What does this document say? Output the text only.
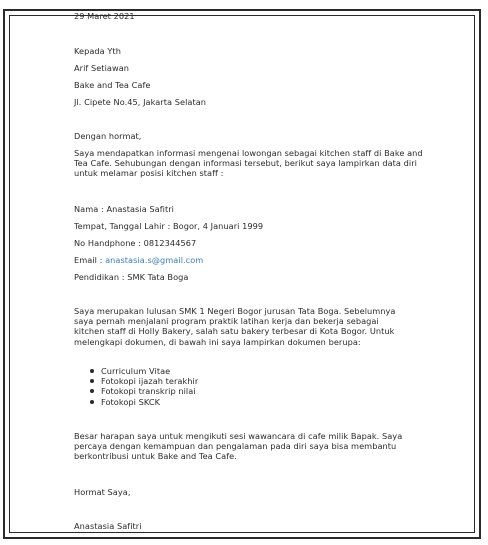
29 Maret 2021
Kepada Yth
Arif Setiawan
Bake and Tea Cafe
Jl. Cipete No.45, Jakarta Selatan
Dengan hormat,
Saya mendapatkan informasi mengenai lowongan sebagai kitchen staff di Bake and Tea Cafe. Sehubungan dengan informasi tersebut, berikut saya lampirkan data diri untuk melamar posisi kitchen staff :
Nama : Anastasia Safitri
Tempat, Tanggal Lahir : Bogor, 4 Januari 1999
No Handphone : 0812344567
Email : anastasia.s@gmail.com
Pendidikan : SMK Tata Boga
Saya merupakan lulusan SMK 1 Negeri Bogor jurusan Tata Boga. Sebelumnya saya pernah menjalani program praktik latihan kerja dan bekerja sebagai kitchen staff di Holly Bakery, salah satu bakery terbesar di Kota Bogor. Untuk melengkapi dokumen, di bawah ini saya lampirkan dokumen berupa:
Curriculum Vitae
Fotokopi ijazah terakhir
Fotokopi transkrip nilai
Fotokopi SKCK
Besar harapan saya untuk mengikuti sesi wawancara di cafe milik Bapak. Saya percaya dengan kemampuan dan pengalaman pada diri saya bisa membantu berkontribusi untuk Bake and Tea Cafe.
Hormat Saya,
Anastasia Safitri
